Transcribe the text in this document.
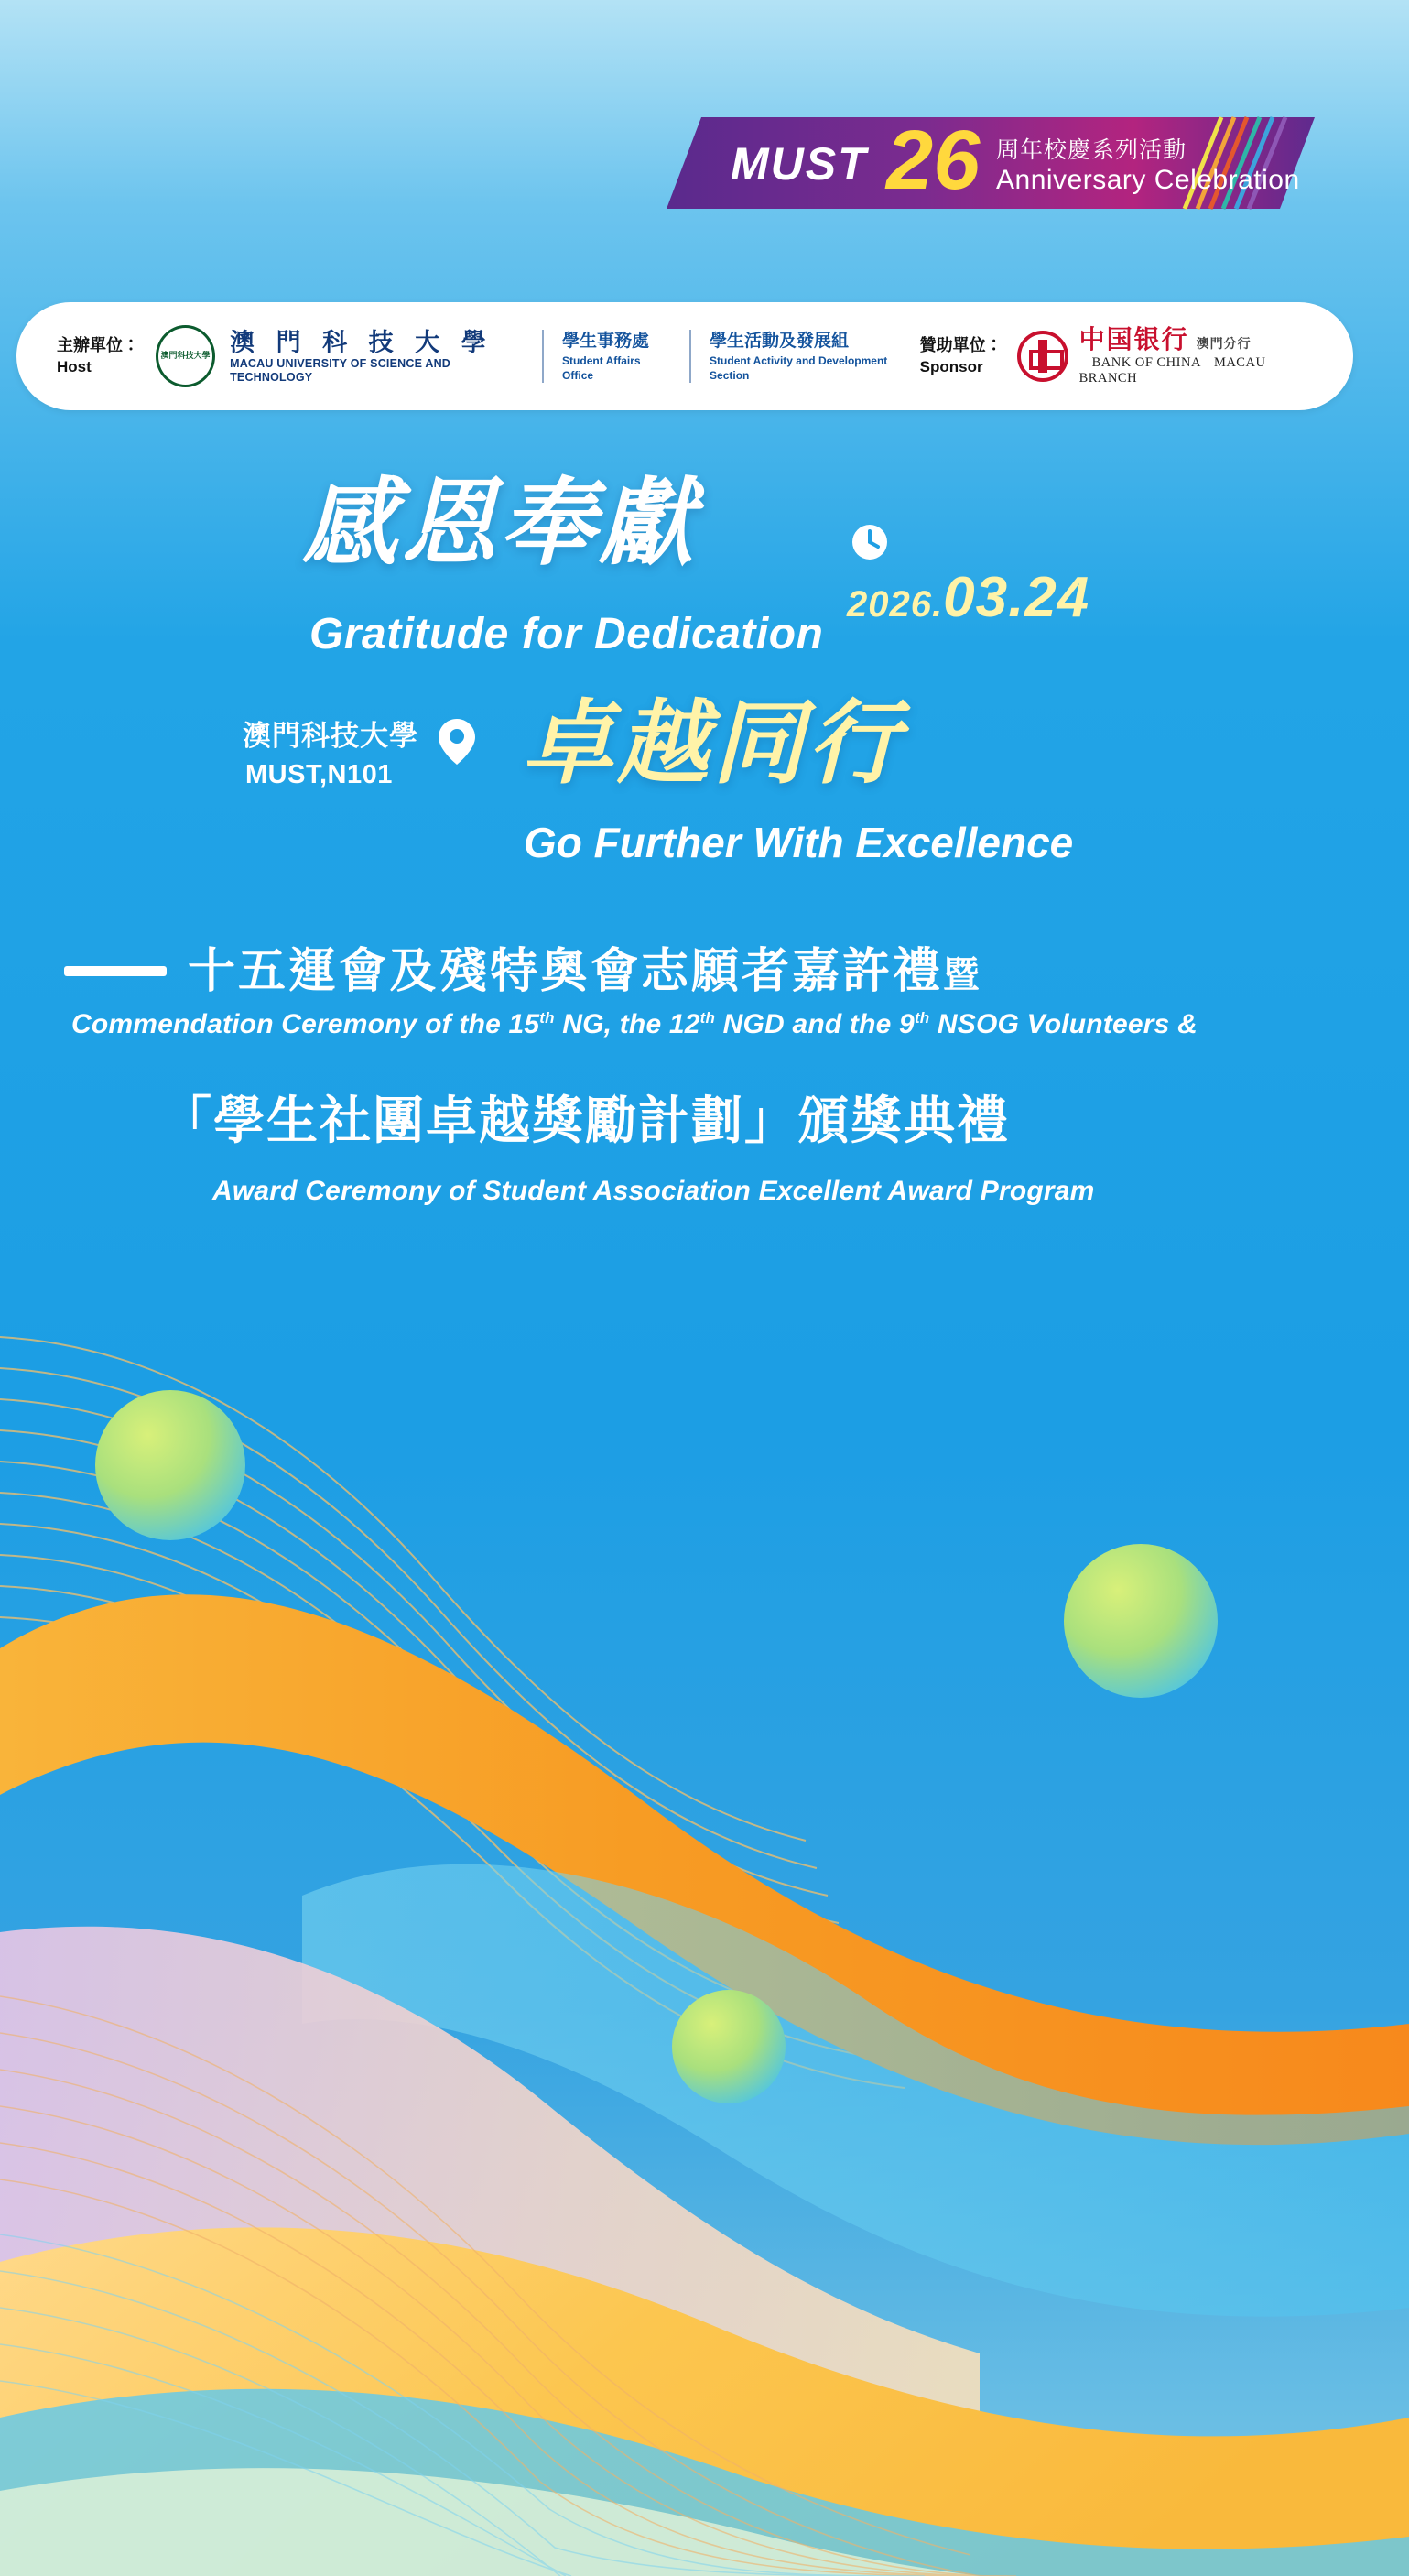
MUST 26 周年校慶系列活動
Anniversary Celebration
主辦單位：
Host
澳門科技大學 澳 門 科 技 大 學
MACAU UNIVERSITY OF SCIENCE AND TECHNOLOGY
學生事務處
Student Affairs Office
學生活動及發展組
Student Activity and Development Section
贊助單位：
Sponsor
中国银行 澳門分行
BANK OF CHINA MACAU BRANCH
感恩奉獻
Gratitude for Dedication
2026.03.24
澳門科技大學
MUST,N101 卓越同行
Go Further With Excellence
十五運會及殘特奧會志願者嘉許禮暨
Commendation Ceremony of the 15th NG, the 12th NGD and the 9th NSOG Volunteers &
「學生社團卓越獎勵計劃」頒獎典禮
Award Ceremony of Student Association Excellent Award Program
